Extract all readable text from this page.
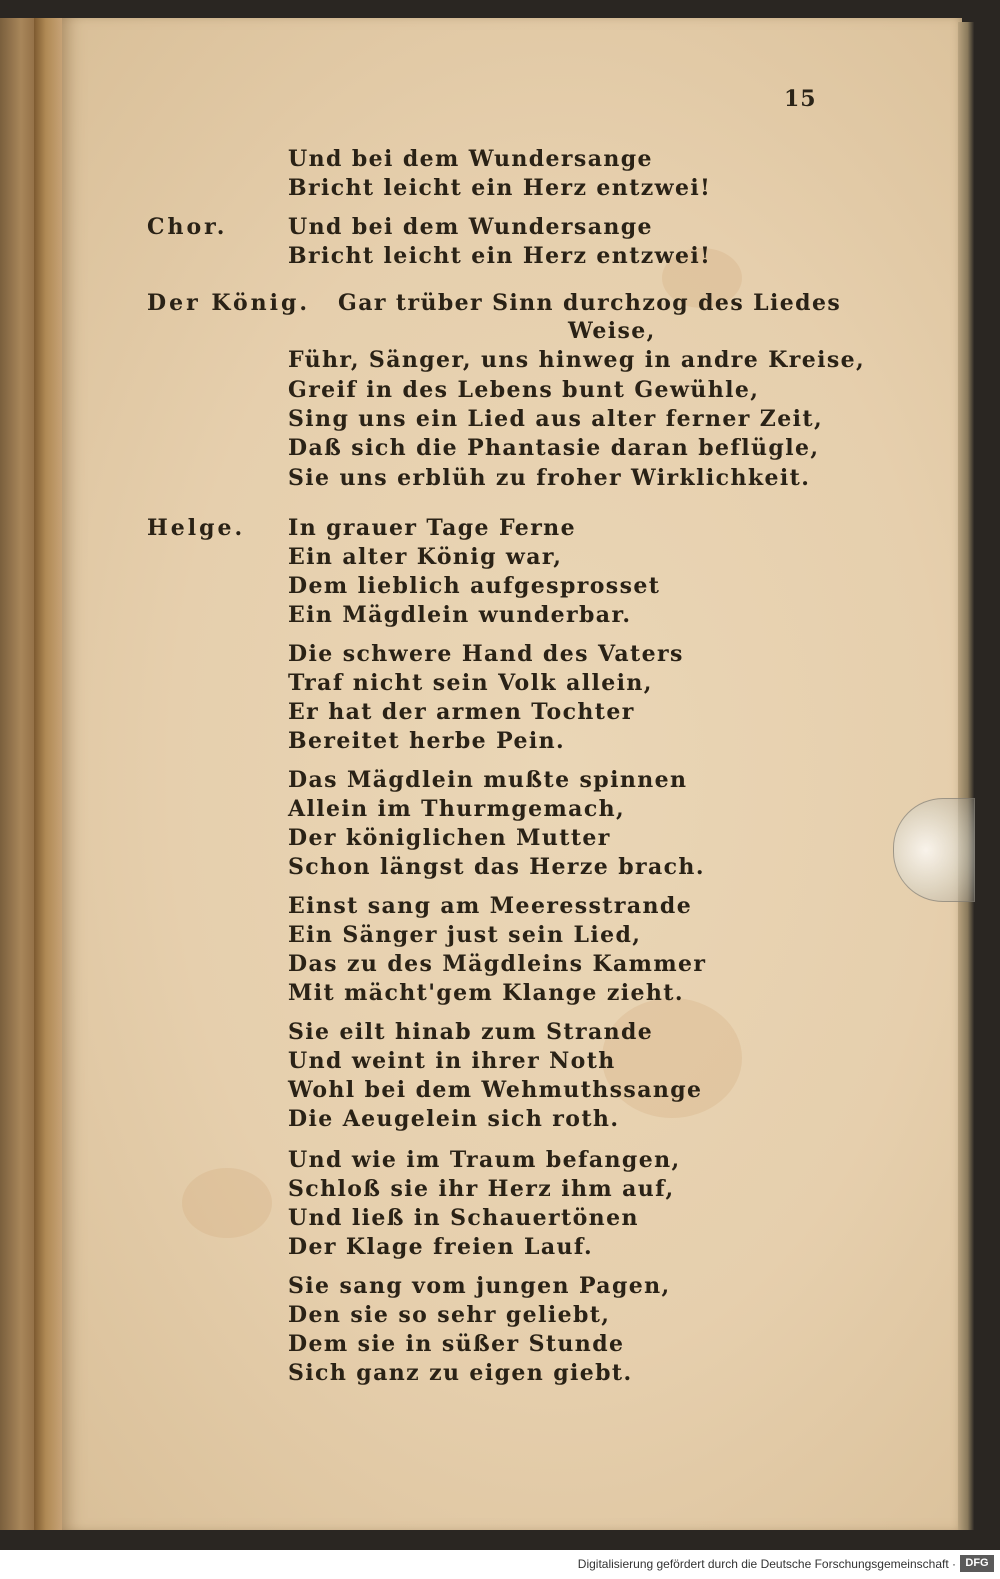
15
Chor.
Der König.
Helge.
Und bei dem Wundersange
Bricht leicht ein Herz entzwei!
Und bei dem Wundersange
Bricht leicht ein Herz entzwei!
Gar trüber Sinn durchzog des Liedes
Weise,
Führ, Sänger, uns hinweg in andre Kreise,
Greif in des Lebens bunt Gewühle,
Sing uns ein Lied aus alter ferner Zeit,
Daß sich die Phantasie daran beflügle,
Sie uns erblüh zu froher Wirklichkeit.
In grauer Tage Ferne
Ein alter König war,
Dem lieblich aufgesprosset
Ein Mägdlein wunderbar.
Die schwere Hand des Vaters
Traf nicht sein Volk allein,
Er hat der armen Tochter
Bereitet herbe Pein.
Das Mägdlein mußte spinnen
Allein im Thurmgemach,
Der königlichen Mutter
Schon längst das Herze brach.
Einst sang am Meeresstrande
Ein Sänger just sein Lied,
Das zu des Mägdleins Kammer
Mit mächt'gem Klange zieht.
Sie eilt hinab zum Strande
Und weint in ihrer Noth
Wohl bei dem Wehmuthssange
Die Aeugelein sich roth.
Und wie im Traum befangen,
Schloß sie ihr Herz ihm auf,
Und ließ in Schauertönen
Der Klage freien Lauf.
Sie sang vom jungen Pagen,
Den sie so sehr geliebt,
Dem sie in süßer Stunde
Sich ganz zu eigen giebt.
Digitalisierung gefördert durch die Deutsche Forschungsgemeinschaft · DFG
